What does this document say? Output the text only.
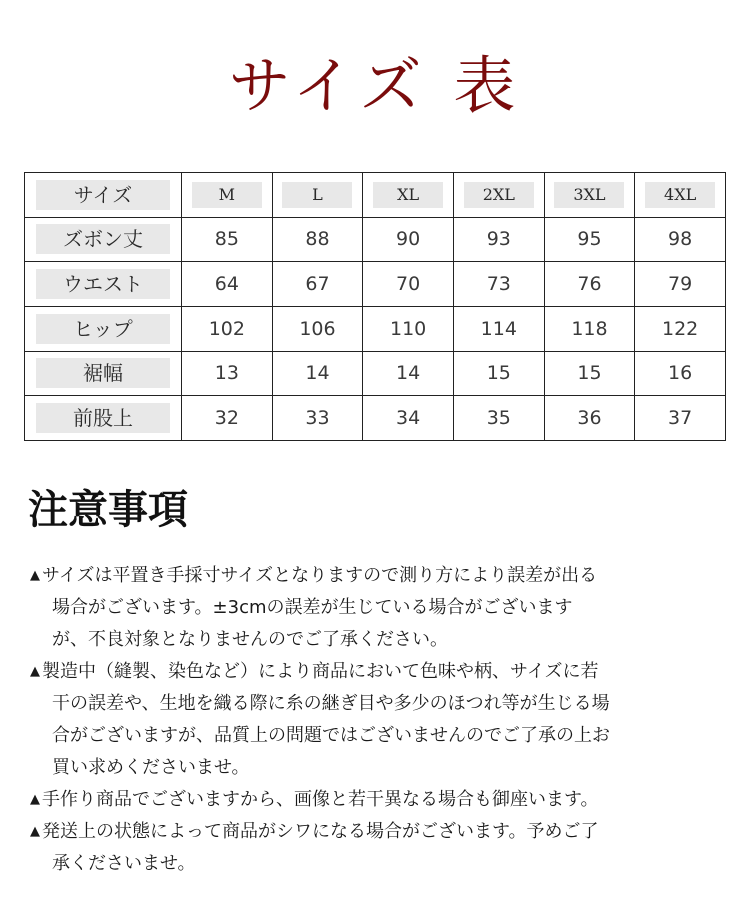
サイズ 表
サイズ	M	L	XL	2XL	3XL	4XL

ズボン丈	85	88	90	93	95	98

ウエスト	64	67	70	73	76	79

ヒップ	102	106	110	114	118	122

裾幅	13	14	14	15	15	16

前股上	32	33	34	35	36	37
注意事項
▲ サイズは平置き手採寸サイズとなりますので測り方により誤差が出る
場合がございます。±3cmの誤差が生じている場合がございます
が、不良対象となりませんのでご了承ください。
▲ 製造中（縫製、染色など）により商品において色味や柄、サイズに若
干の誤差や、生地を織る際に糸の継ぎ目や多少のほつれ等が生じる場
合がございますが、品質上の問題ではございませんのでご了承の上お
買い求めくださいませ。
▲ 手作り商品でございますから、画像と若干異なる場合も御座います。
▲ 発送上の状態によって商品がシワになる場合がございます。予めご了
承くださいませ。
